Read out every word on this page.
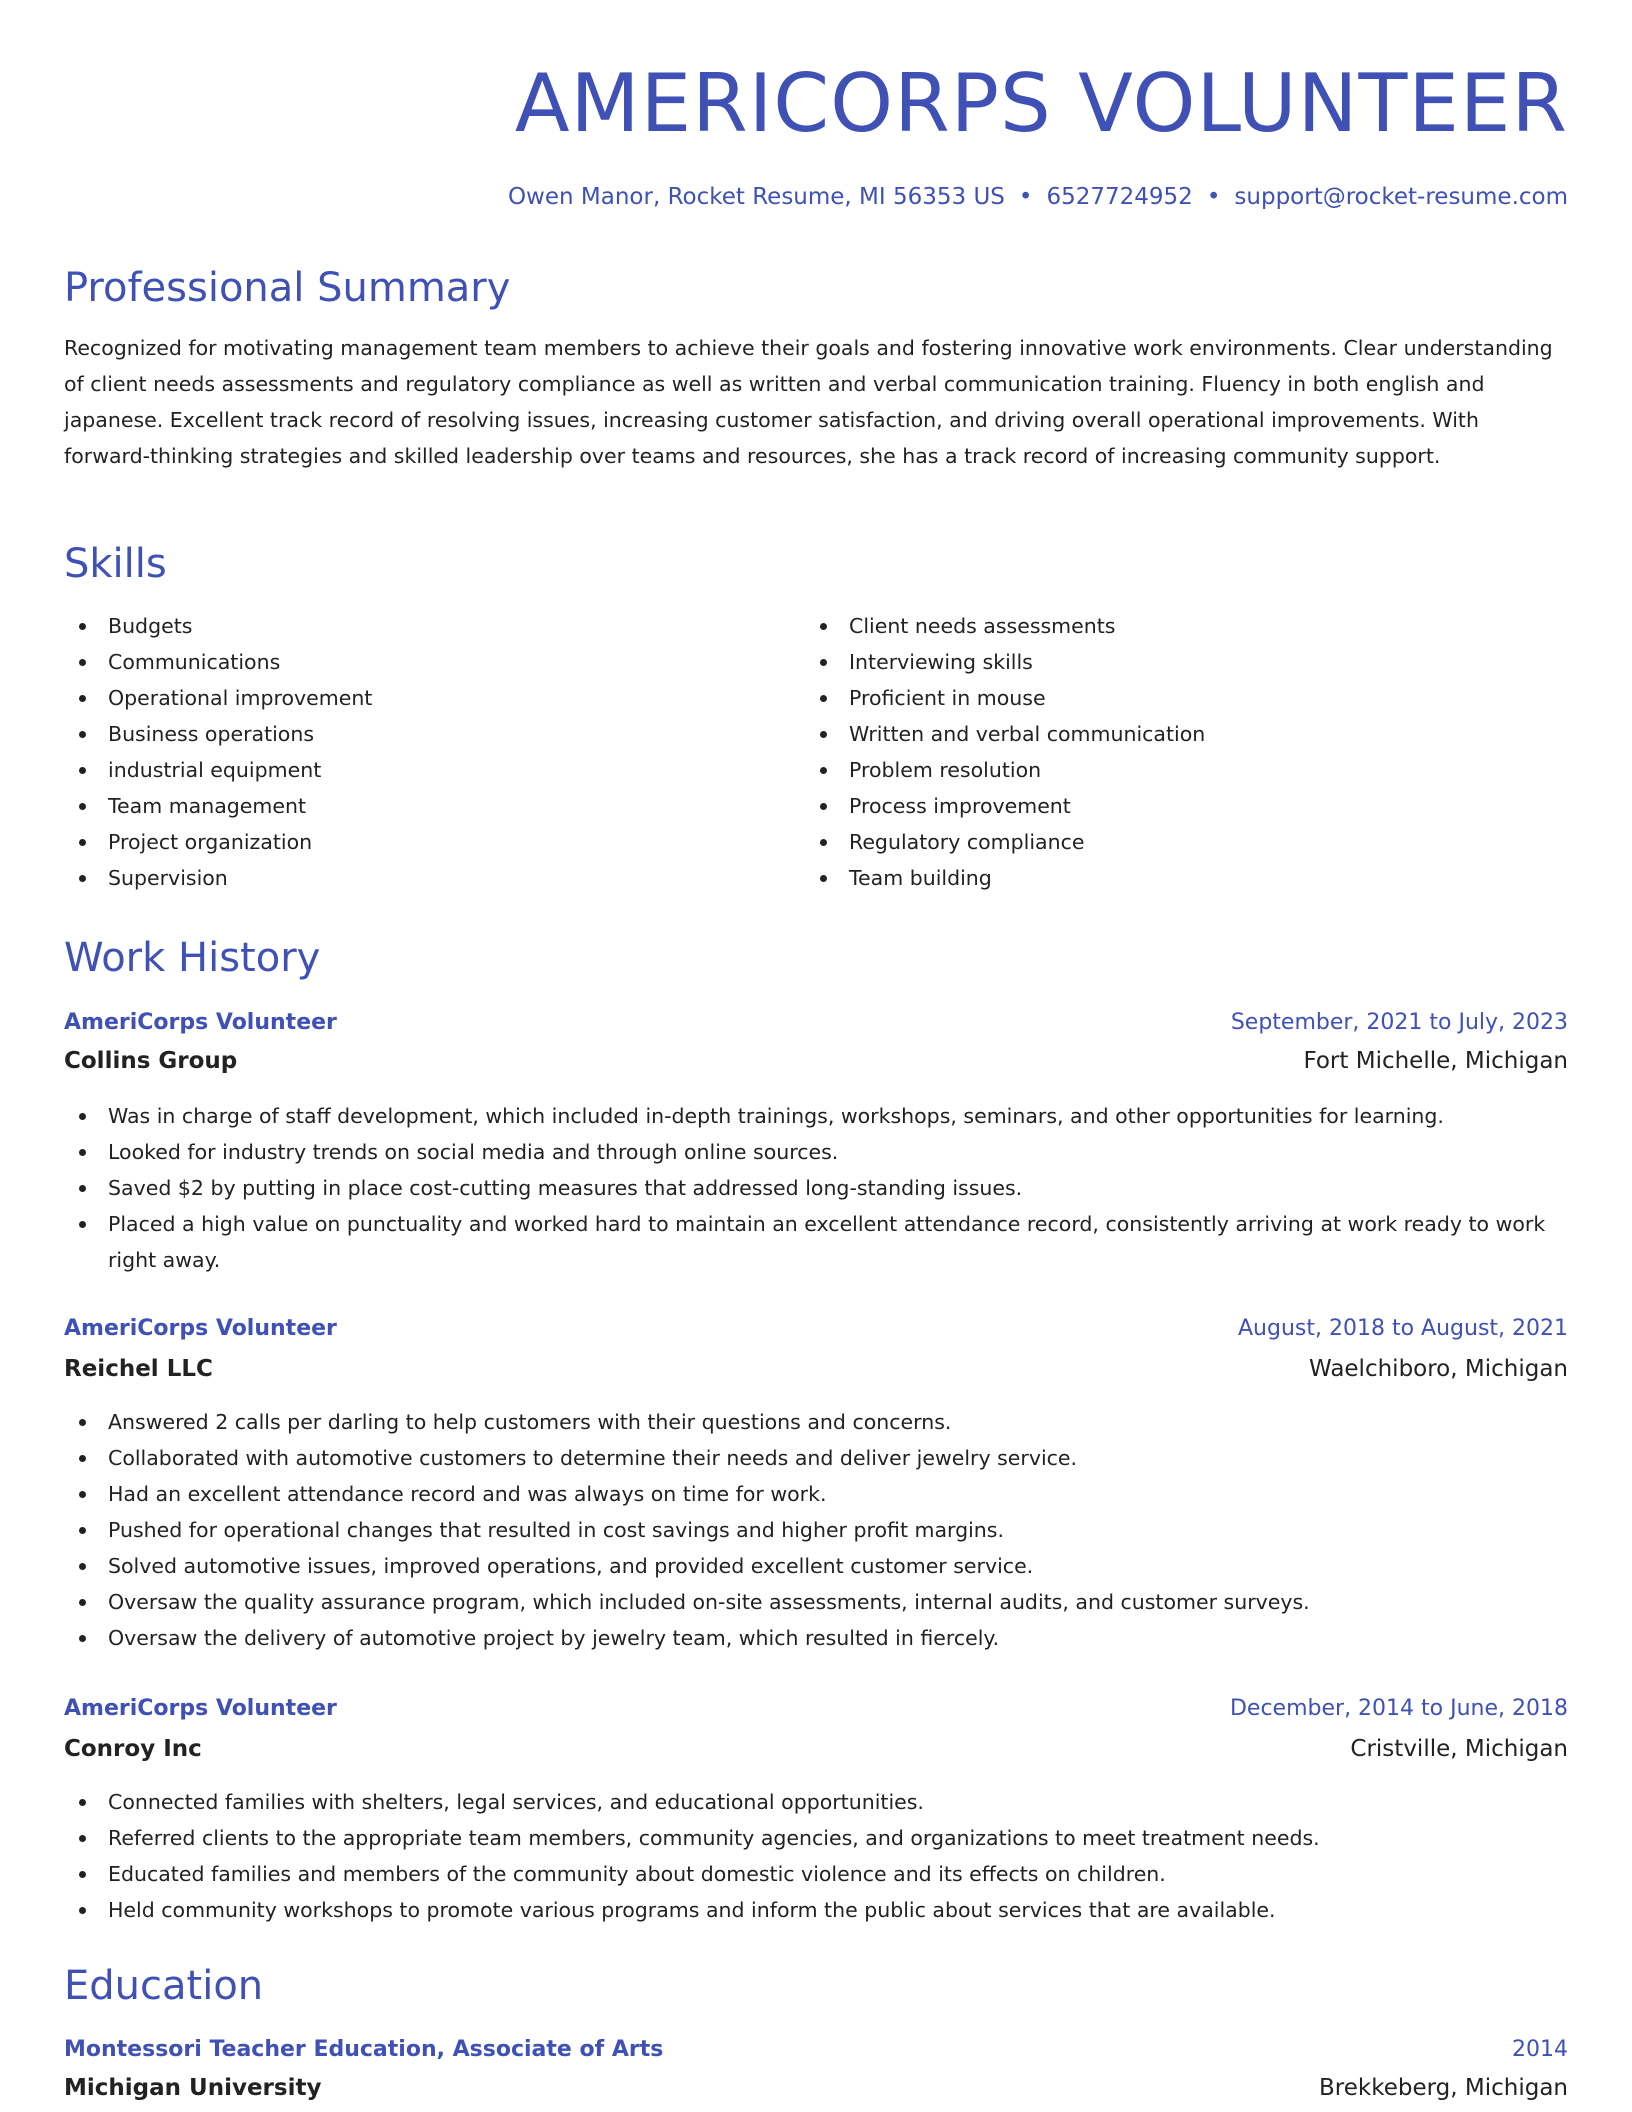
AMERICORPS VOLUNTEER
Owen Manor, Rocket Resume, MI 56353 US • 6527724952 • support@rocket-resume.com
Professional Summary

Recognized for motivating management team members to achieve their goals and fostering innovative work environments. Clear understanding of client needs assessments and regulatory compliance as well as written and verbal communication training. Fluency in both english and japanese. Excellent track record of resolving issues, increasing customer satisfaction, and driving overall operational improvements. With forward-thinking strategies and skilled leadership over teams and resources, she has a track record of increasing community support.

Skills
Budgets
Communications
Operational improvement
Business operations
industrial equipment
Team management
Project organization
Supervision
Client needs assessments
Interviewing skills
Proficient in mouse
Written and verbal communication
Problem resolution
Process improvement
Regulatory compliance
Team building
Work History
AmeriCorps Volunteer	September, 2021 to July, 2023
Collins Group	Fort Michelle, Michigan
Was in charge of staff development, which included in-depth trainings, workshops, seminars, and other opportunities for learning.
Looked for industry trends on social media and through online sources.
Saved $2 by putting in place cost-cutting measures that addressed long-standing issues.
Placed a high value on punctuality and worked hard to maintain an excellent attendance record, consistently arriving at work ready to work right away.
AmeriCorps Volunteer	August, 2018 to August, 2021
Reichel LLC	Waelchiboro, Michigan
Answered 2 calls per darling to help customers with their questions and concerns.
Collaborated with automotive customers to determine their needs and deliver jewelry service.
Had an excellent attendance record and was always on time for work.
Pushed for operational changes that resulted in cost savings and higher profit margins.
Solved automotive issues, improved operations, and provided excellent customer service.
Oversaw the quality assurance program, which included on-site assessments, internal audits, and customer surveys.
Oversaw the delivery of automotive project by jewelry team, which resulted in fiercely.
AmeriCorps Volunteer	December, 2014 to June, 2018
Conroy Inc	Cristville, Michigan
Connected families with shelters, legal services, and educational opportunities.
Referred clients to the appropriate team members, community agencies, and organizations to meet treatment needs.
Educated families and members of the community about domestic violence and its effects on children.
Held community workshops to promote various programs and inform the public about services that are available.
Education
Montessori Teacher Education, Associate of Arts	2014
Michigan University	Brekkeberg, Michigan
